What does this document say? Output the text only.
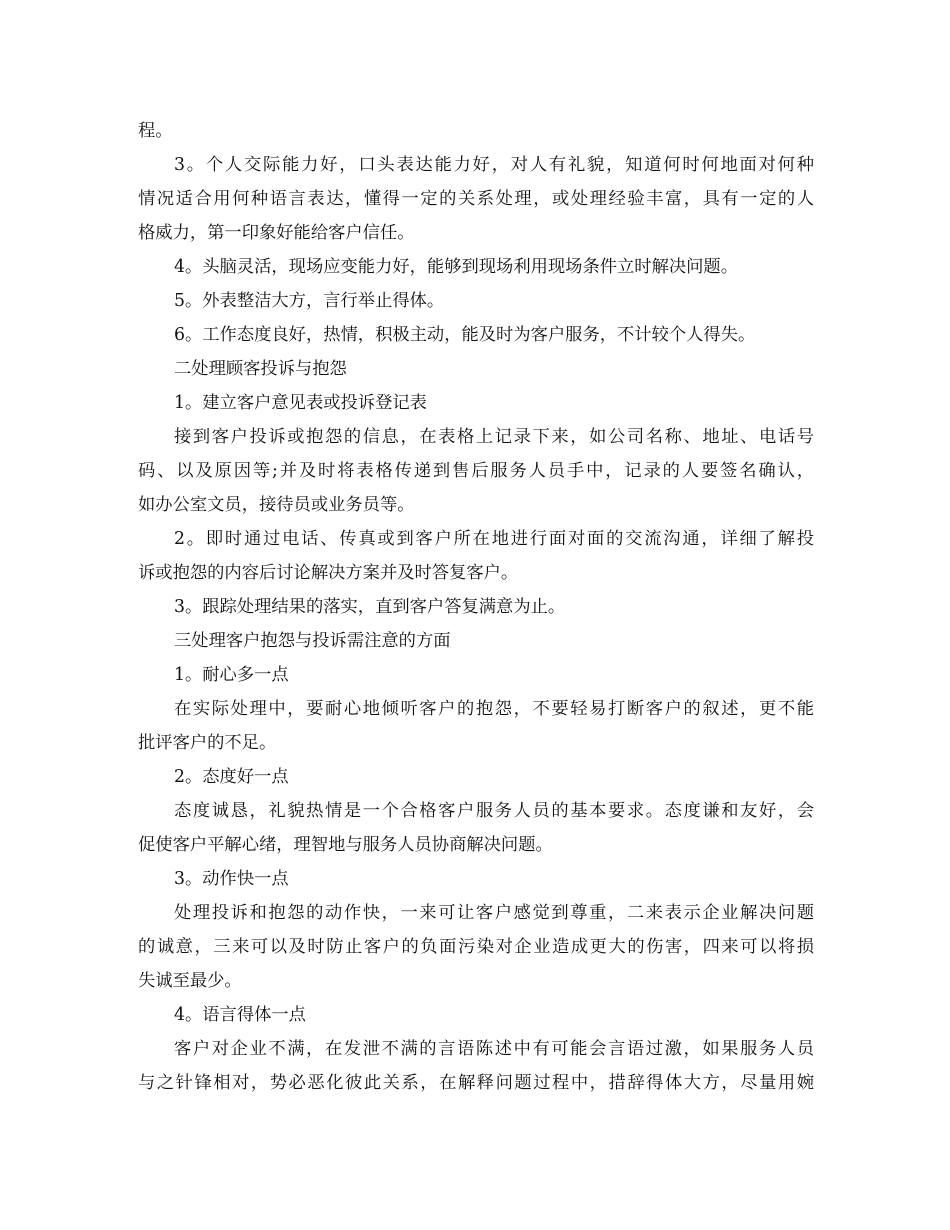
程。
3。个人交际能力好，口头表达能力好，对人有礼貌，知道何时何地面对何种
情况适合用何种语言表达，懂得一定的关系处理，或处理经验丰富，具有一定的人
格威力，第一印象好能给客户信任。
4。头脑灵活，现场应变能力好，能够到现场利用现场条件立时解决问题。
5。外表整洁大方，言行举止得体。
6。工作态度良好，热情，积极主动，能及时为客户服务，不计较个人得失。
二处理顾客投诉与抱怨
1。建立客户意见表或投诉登记表
接到客户投诉或抱怨的信息，在表格上记录下来，如公司名称、地址、电话号
码、以及原因等;并及时将表格传递到售后服务人员手中，记录的人要签名确认，
如办公室文员，接待员或业务员等。
2。即时通过电话、传真或到客户所在地进行面对面的交流沟通，详细了解投
诉或抱怨的内容后讨论解决方案并及时答复客户。
3。跟踪处理结果的落实，直到客户答复满意为止。
三处理客户抱怨与投诉需注意的方面
1。耐心多一点
在实际处理中，要耐心地倾听客户的抱怨，不要轻易打断客户的叙述，更不能
批评客户的不足。
2。态度好一点
态度诚恳，礼貌热情是一个合格客户服务人员的基本要求。态度谦和友好，会
促使客户平解心绪，理智地与服务人员协商解决问题。
3。动作快一点
处理投诉和抱怨的动作快，一来可让客户感觉到尊重，二来表示企业解决问题
的诚意，三来可以及时防止客户的负面污染对企业造成更大的伤害，四来可以将损
失诚至最少。
4。语言得体一点
客户对企业不满，在发泄不满的言语陈述中有可能会言语过激，如果服务人员
与之针锋相对，势必恶化彼此关系，在解释问题过程中，措辞得体大方，尽量用婉
